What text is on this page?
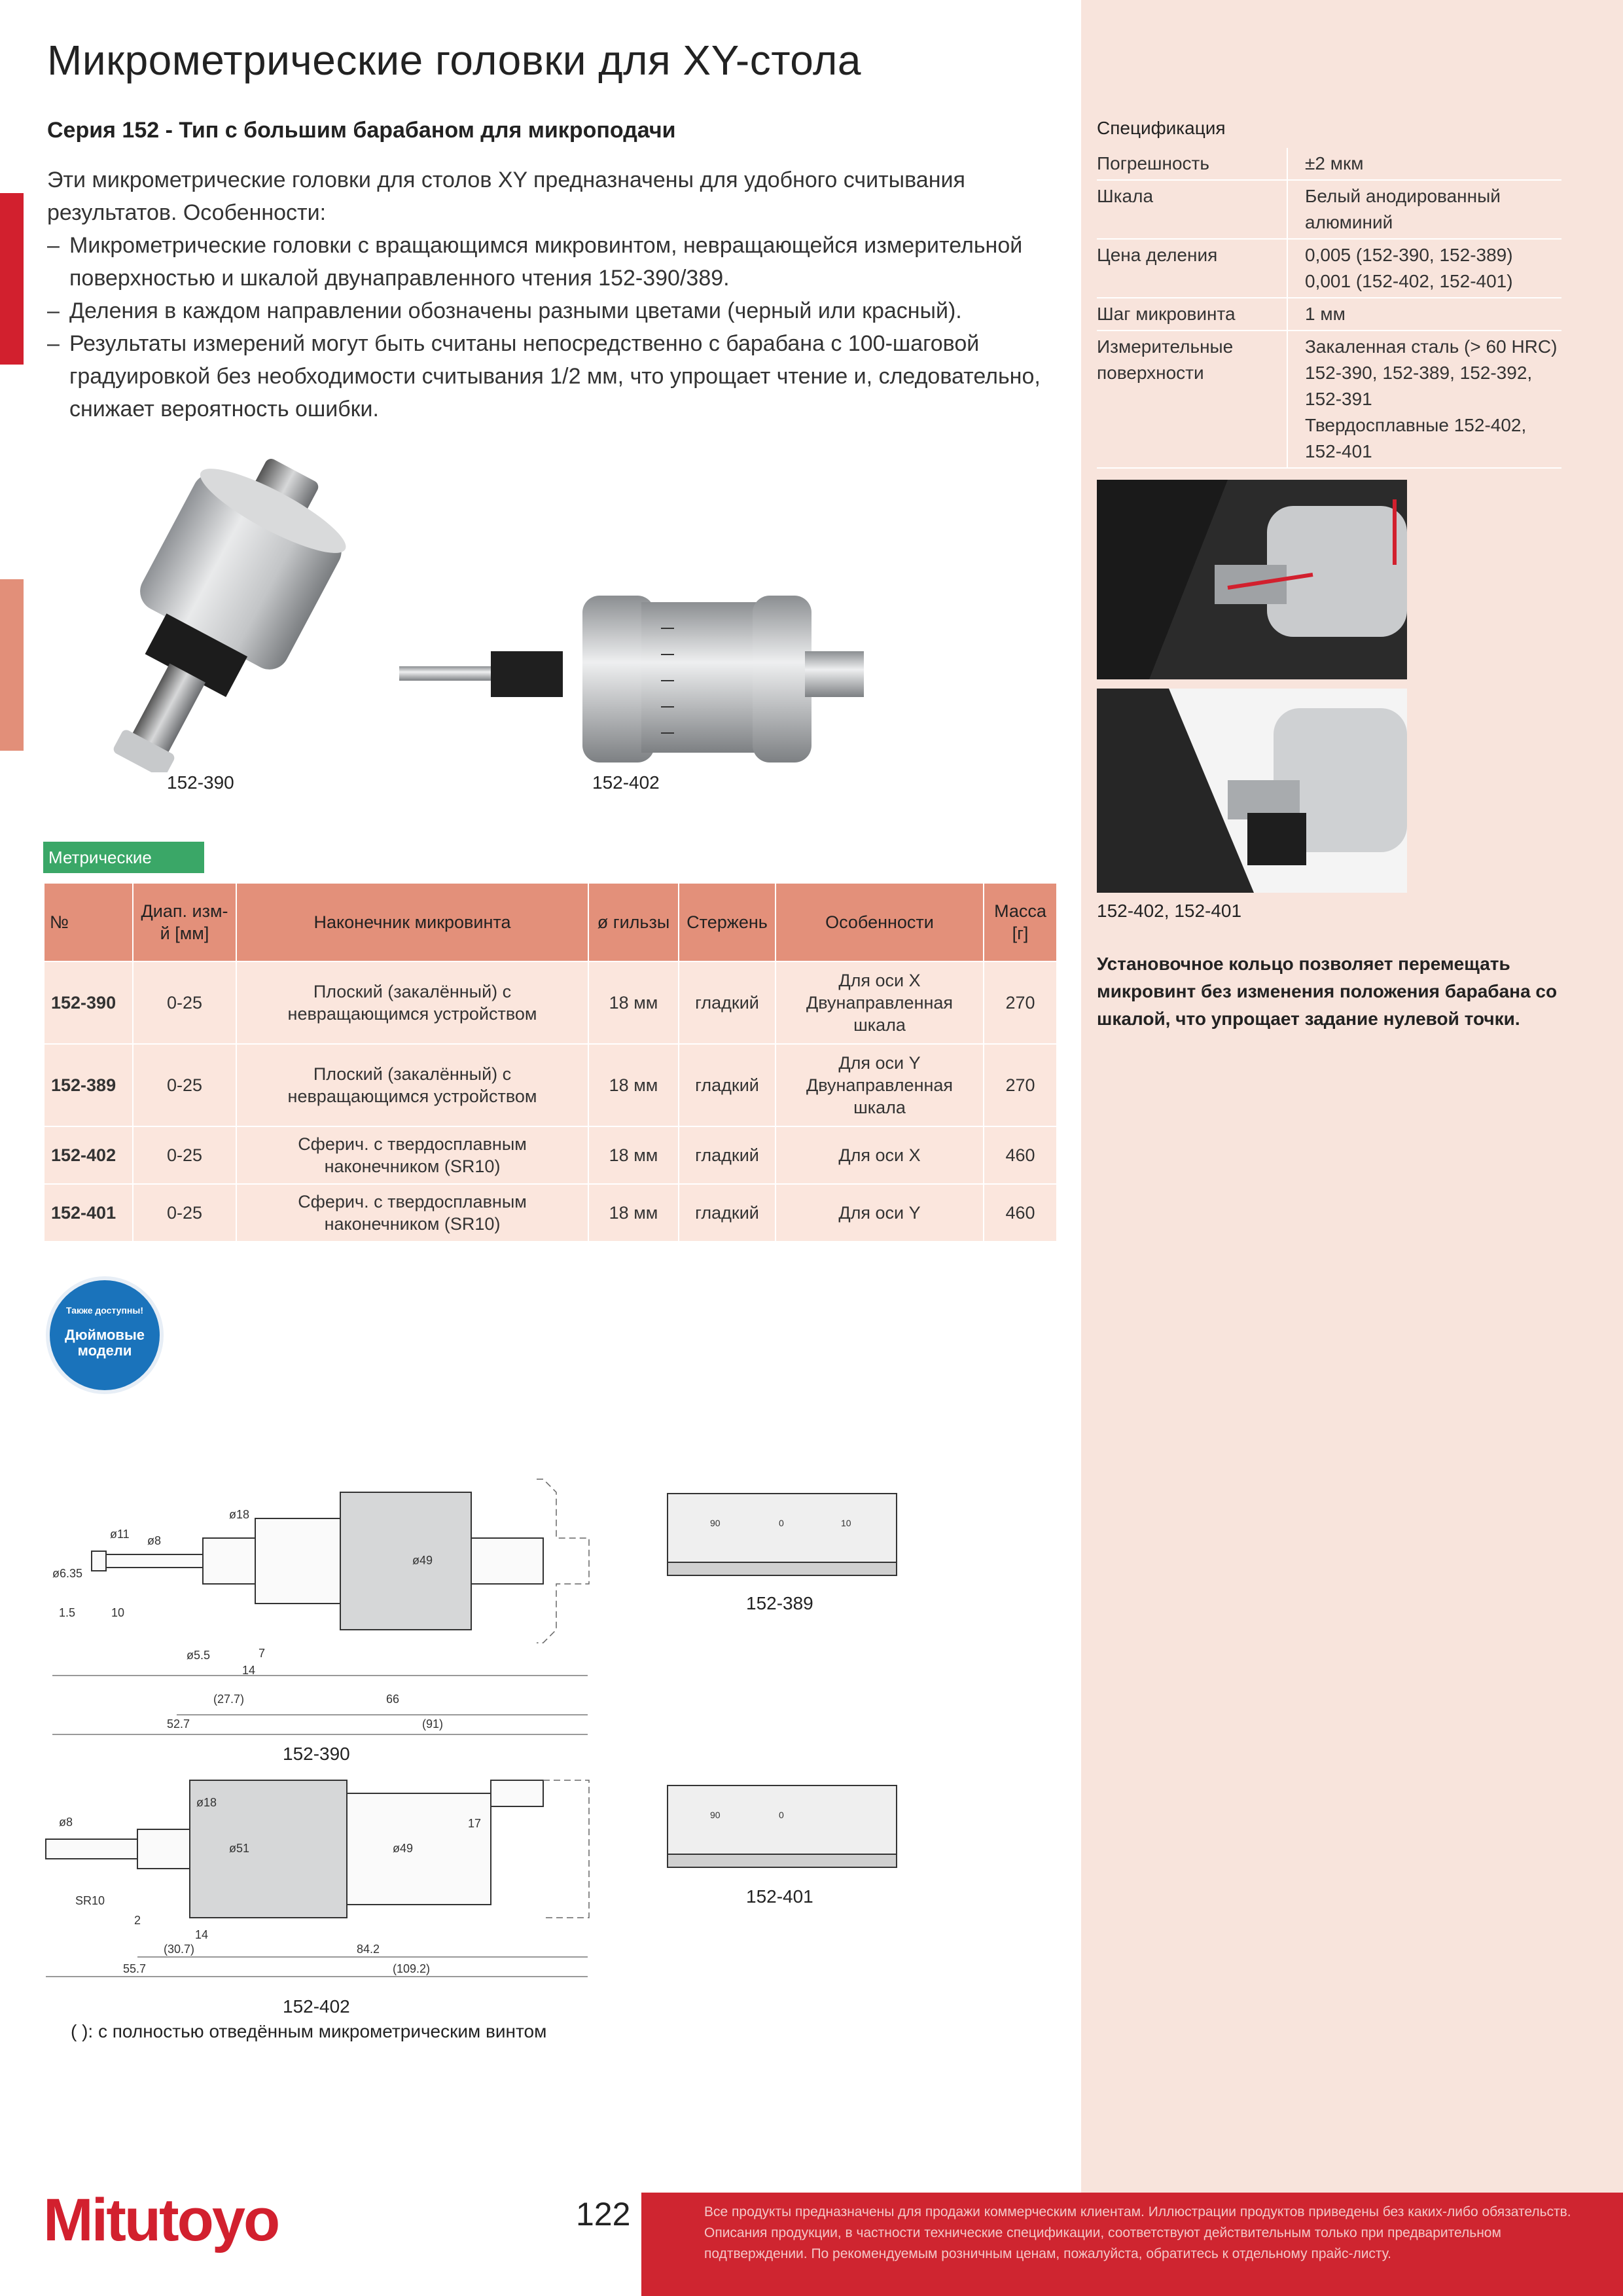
Микрометрические головки для XY-стола
Серия 152 - Тип с большим барабаном для микроподачи

Эти микрометрические головки для столов XY предназначены для удобного считывания результатов. Особенности:

– Микрометрические головки с вращающимся микровинтом, невращающейся измерительной поверхностью и шкалой двунаправленного чтения 152-390/389.
– Деления в каждом направлении обозначены разными цветами (черный или красный).
– Результаты измерений могут быть считаны непосредственно с барабана с 100-шаговой градуировкой без необходимости считывания 1/2 мм, что упрощает чтение и, следовательно, снижает вероятность ошибки.
152-390	152-402
Метрические
№	Диап. изм-й [мм]	Наконечник микровинта	ø гильзы	Стержень	Особенности	Масса [г]
152-390	0-25	Плоский (закалённый) с невращающимся устройством	18 мм	гладкий	Для оси X Двунаправленная шкала	270
152-389	0-25	Плоский (закалённый) с невращающимся устройством	18 мм	гладкий	Для оси Y Двунаправленная шкала	270
152-402	0-25	Сферич. с твердосплавным наконечником (SR10)	18 мм	гладкий	Для оси X	460
152-401	0-25	Сферич. с твердосплавным наконечником (SR10)	18 мм	гладкий	Для оси Y	460
Также доступны!
Дюймовые модели
ø6.35
ø11 ø8
ø18
ø49
1.5	10
ø5.5	7
14
(27.7)	66
52.7	(91)
152-390
90	0	10
152-389
ø8
ø18
ø51	ø49
SR10
2
14
17
(30.7)	84.2
55.7	(109.2)
152-402
90	0
152-401
( ): с полностью отведённым микрометрическим винтом
Спецификация
Погрешность	±2 мкм
Шкала	Белый анодированный алюминий
Цена деления	0,005 (152-390, 152-389)
0,001 (152-402, 152-401)
Шаг микровинта	1 мм
Измерительные поверхности	Закаленная сталь (> 60 HRC) 152-390, 152-389, 152-392, 152-391
Твердосплавные 152-402, 152-401
152-402, 152-401
Установочное кольцо позволяет перемещать микровинт без изменения положения барабана со шкалой, что упрощает задание нулевой точки.
Mitutoyo	122	Все продукты предназначены для продажи коммерческим клиентам. Иллюстрации продуктов приведены без каких-либо обязательств. Описания продукции, в частности технические спецификации, соответствуют действительным только при предварительном подтверждении. По рекомендуемым розничным ценам, пожалуйста, обратитесь к отдельному прайс-листу.
